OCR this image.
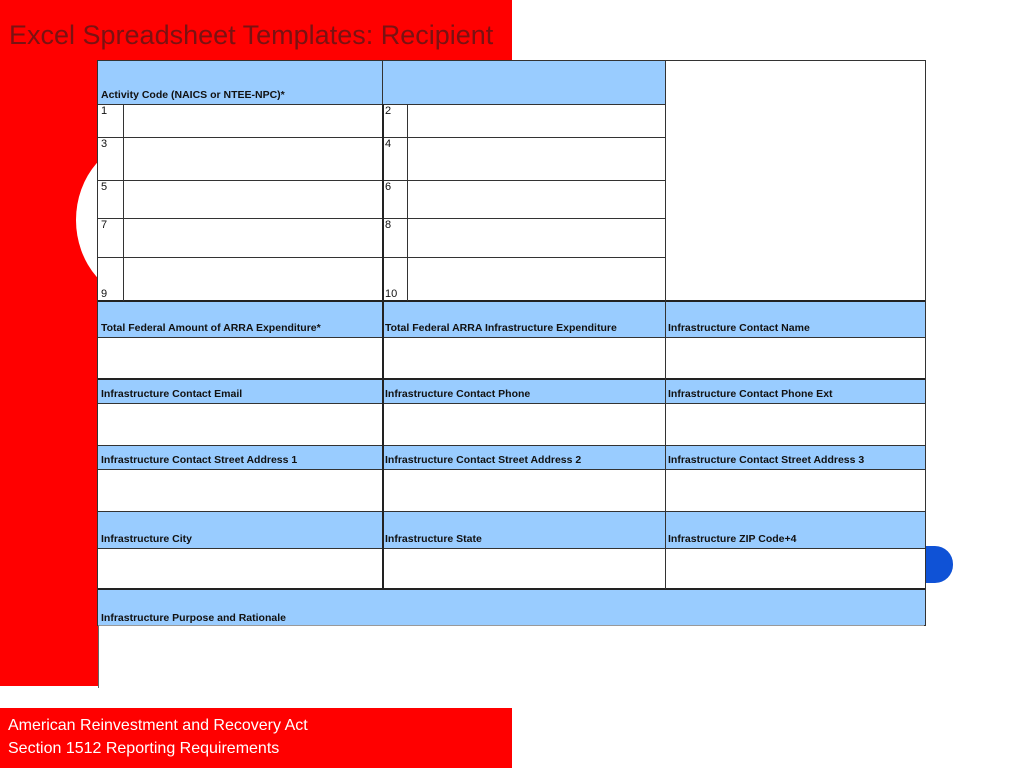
Excel Spreadsheet Templates: Recipient
Activity Code (NAICS or NTEE-NPC)*
1	2
3	4
5	6
7	8
9	10
Total Federal Amount of ARRA Expenditure*	Total Federal ARRA Infrastructure Expenditure	Infrastructure Contact Name
Infrastructure Contact Email	Infrastructure Contact Phone	Infrastructure Contact Phone Ext
Infrastructure Contact Street Address 1	Infrastructure Contact Street Address 2	Infrastructure Contact Street Address 3
Infrastructure City	Infrastructure State	Infrastructure ZIP Code+4
Infrastructure Purpose and Rationale
American Reinvestment and Recovery Act
Section 1512 Reporting Requirements
